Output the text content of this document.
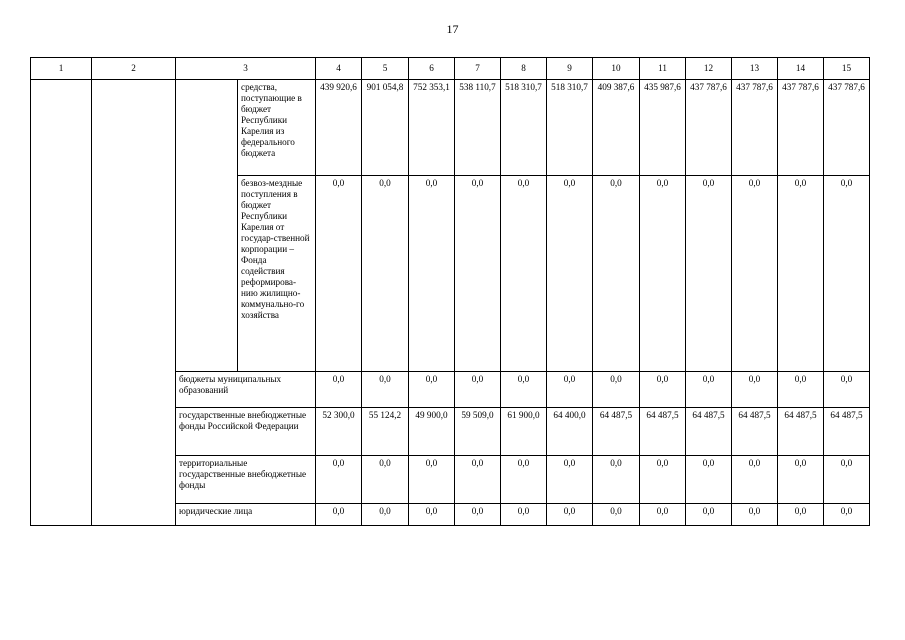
17
1	2	3		4	5	6	7	8	9	10	11	12	13	14	15
			средства, поступающие в бюджет Республики Карелия из федерального бюджета	439 920,6	901 054,8	752 353,1	538 110,7	518 310,7	518 310,7	409 387,6	435 987,6	437 787,6	437 787,6	437 787,6	437 787,6
			безвоз-мездные поступления в бюджет Республики Карелия от государ-ственной корпорации – Фонда содействия реформирова-нию жилищно-коммунально-го хозяйства	0,0	0,0	0,0	0,0	0,0	0,0	0,0	0,0	0,0	0,0	0,0	0,0
		бюджеты муниципальных образований		0,0	0,0	0,0	0,0	0,0	0,0	0,0	0,0	0,0	0,0	0,0	0,0
		государственные внебюджетные фонды Российской Федерации		52 300,0	55 124,2	49 900,0	59 509,0	61 900,0	64 400,0	64 487,5	64 487,5	64 487,5	64 487,5	64 487,5	64 487,5
		территориальные государственные внебюджетные фонды		0,0	0,0	0,0	0,0	0,0	0,0	0,0	0,0	0,0	0,0	0,0	0,0
		юридические лица		0,0	0,0	0,0	0,0	0,0	0,0	0,0	0,0	0,0	0,0	0,0	0,0
